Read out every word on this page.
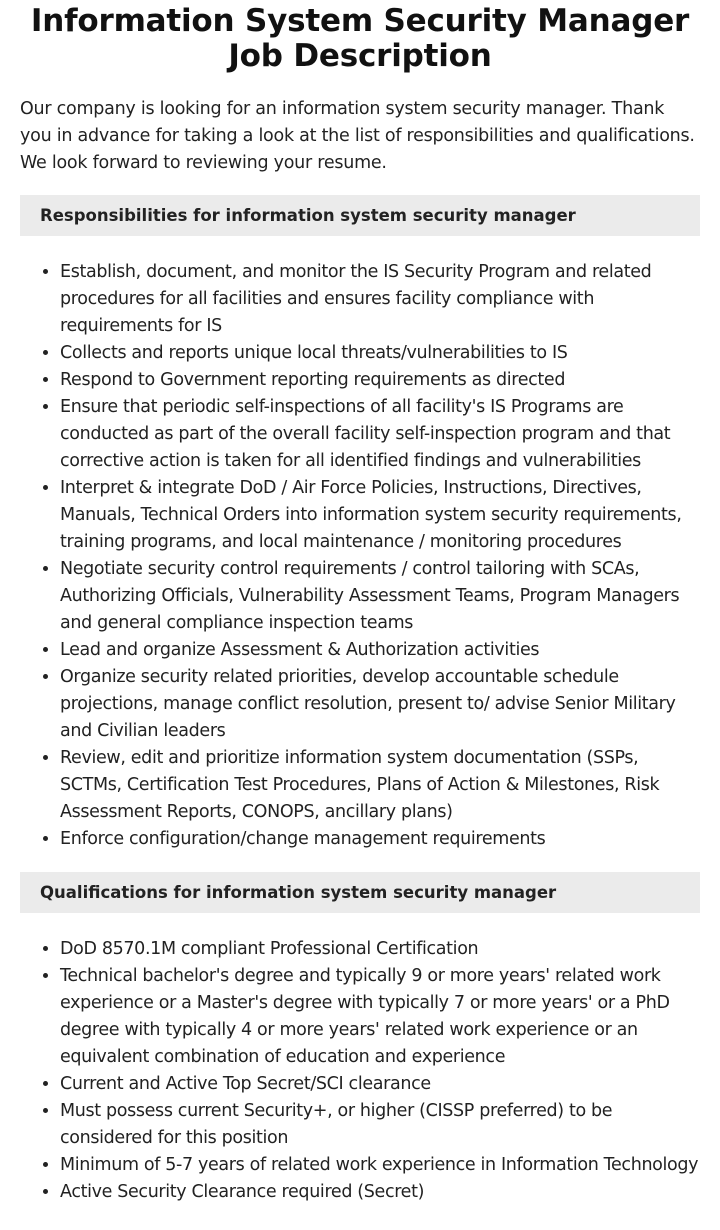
Information System Security Manager Job Description

Our company is looking for an information system security manager. Thank you in advance for taking a look at the list of responsibilities and qualifications. We look forward to reviewing your resume.

Responsibilities for information system security manager
• Establish, document, and monitor the IS Security Program and related procedures for all facilities and ensures facility compliance with requirements for IS
• Collects and reports unique local threats/vulnerabilities to IS
• Respond to Government reporting requirements as directed
• Ensure that periodic self-inspections of all facility's IS Programs are conducted as part of the overall facility self-inspection program and that corrective action is taken for all identified findings and vulnerabilities
• Interpret & integrate DoD / Air Force Policies, Instructions, Directives, Manuals, Technical Orders into information system security requirements, training programs, and local maintenance / monitoring procedures
• Negotiate security control requirements / control tailoring with SCAs, Authorizing Officials, Vulnerability Assessment Teams, Program Managers and general compliance inspection teams
• Lead and organize Assessment & Authorization activities
• Organize security related priorities, develop accountable schedule projections, manage conflict resolution, present to/ advise Senior Military and Civilian leaders
• Review, edit and prioritize information system documentation (SSPs, SCTMs, Certification Test Procedures, Plans of Action & Milestones, Risk Assessment Reports, CONOPS, ancillary plans)
• Enforce configuration/change management requirements
Qualifications for information system security manager
• DoD 8570.1M compliant Professional Certification
• Technical bachelor's degree and typically 9 or more years' related work experience or a Master's degree with typically 7 or more years' or a PhD degree with typically 4 or more years' related work experience or an equivalent combination of education and experience
• Current and Active Top Secret/SCI clearance
• Must possess current Security+, or higher (CISSP preferred) to be considered for this position
• Minimum of 5-7 years of related work experience in Information Technology
• Active Security Clearance required (Secret)
